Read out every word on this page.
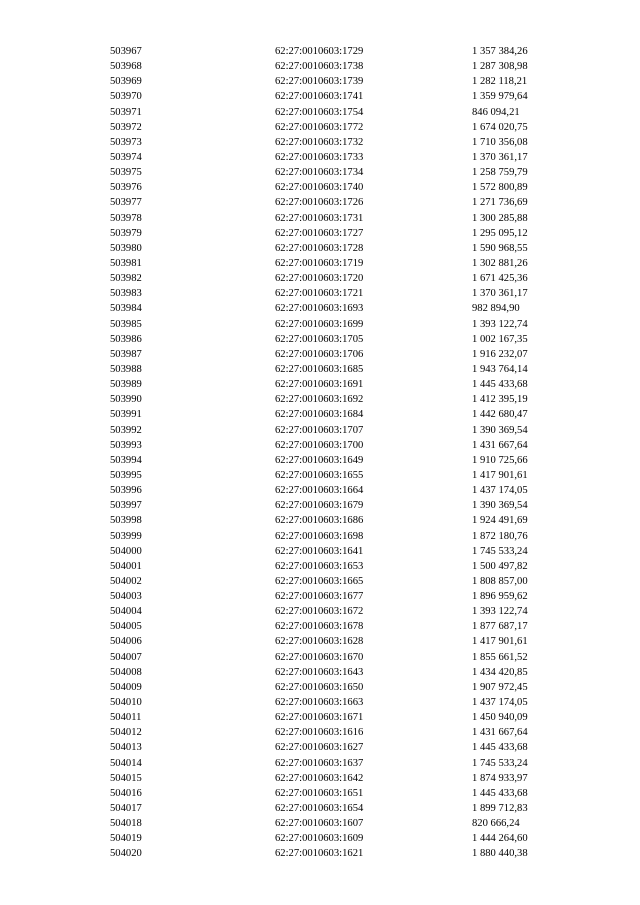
503967	62:27:0010603:1729	1 357 384,26
503968	62:27:0010603:1738	1 287 308,98
503969	62:27:0010603:1739	1 282 118,21
503970	62:27:0010603:1741	1 359 979,64
503971	62:27:0010603:1754	846 094,21
503972	62:27:0010603:1772	1 674 020,75
503973	62:27:0010603:1732	1 710 356,08
503974	62:27:0010603:1733	1 370 361,17
503975	62:27:0010603:1734	1 258 759,79
503976	62:27:0010603:1740	1 572 800,89
503977	62:27:0010603:1726	1 271 736,69
503978	62:27:0010603:1731	1 300 285,88
503979	62:27:0010603:1727	1 295 095,12
503980	62:27:0010603:1728	1 590 968,55
503981	62:27:0010603:1719	1 302 881,26
503982	62:27:0010603:1720	1 671 425,36
503983	62:27:0010603:1721	1 370 361,17
503984	62:27:0010603:1693	982 894,90
503985	62:27:0010603:1699	1 393 122,74
503986	62:27:0010603:1705	1 002 167,35
503987	62:27:0010603:1706	1 916 232,07
503988	62:27:0010603:1685	1 943 764,14
503989	62:27:0010603:1691	1 445 433,68
503990	62:27:0010603:1692	1 412 395,19
503991	62:27:0010603:1684	1 442 680,47
503992	62:27:0010603:1707	1 390 369,54
503993	62:27:0010603:1700	1 431 667,64
503994	62:27:0010603:1649	1 910 725,66
503995	62:27:0010603:1655	1 417 901,61
503996	62:27:0010603:1664	1 437 174,05
503997	62:27:0010603:1679	1 390 369,54
503998	62:27:0010603:1686	1 924 491,69
503999	62:27:0010603:1698	1 872 180,76
504000	62:27:0010603:1641	1 745 533,24
504001	62:27:0010603:1653	1 500 497,82
504002	62:27:0010603:1665	1 808 857,00
504003	62:27:0010603:1677	1 896 959,62
504004	62:27:0010603:1672	1 393 122,74
504005	62:27:0010603:1678	1 877 687,17
504006	62:27:0010603:1628	1 417 901,61
504007	62:27:0010603:1670	1 855 661,52
504008	62:27:0010603:1643	1 434 420,85
504009	62:27:0010603:1650	1 907 972,45
504010	62:27:0010603:1663	1 437 174,05
504011	62:27:0010603:1671	1 450 940,09
504012	62:27:0010603:1616	1 431 667,64
504013	62:27:0010603:1627	1 445 433,68
504014	62:27:0010603:1637	1 745 533,24
504015	62:27:0010603:1642	1 874 933,97
504016	62:27:0010603:1651	1 445 433,68
504017	62:27:0010603:1654	1 899 712,83
504018	62:27:0010603:1607	820 666,24
504019	62:27:0010603:1609	1 444 264,60
504020	62:27:0010603:1621	1 880 440,38
